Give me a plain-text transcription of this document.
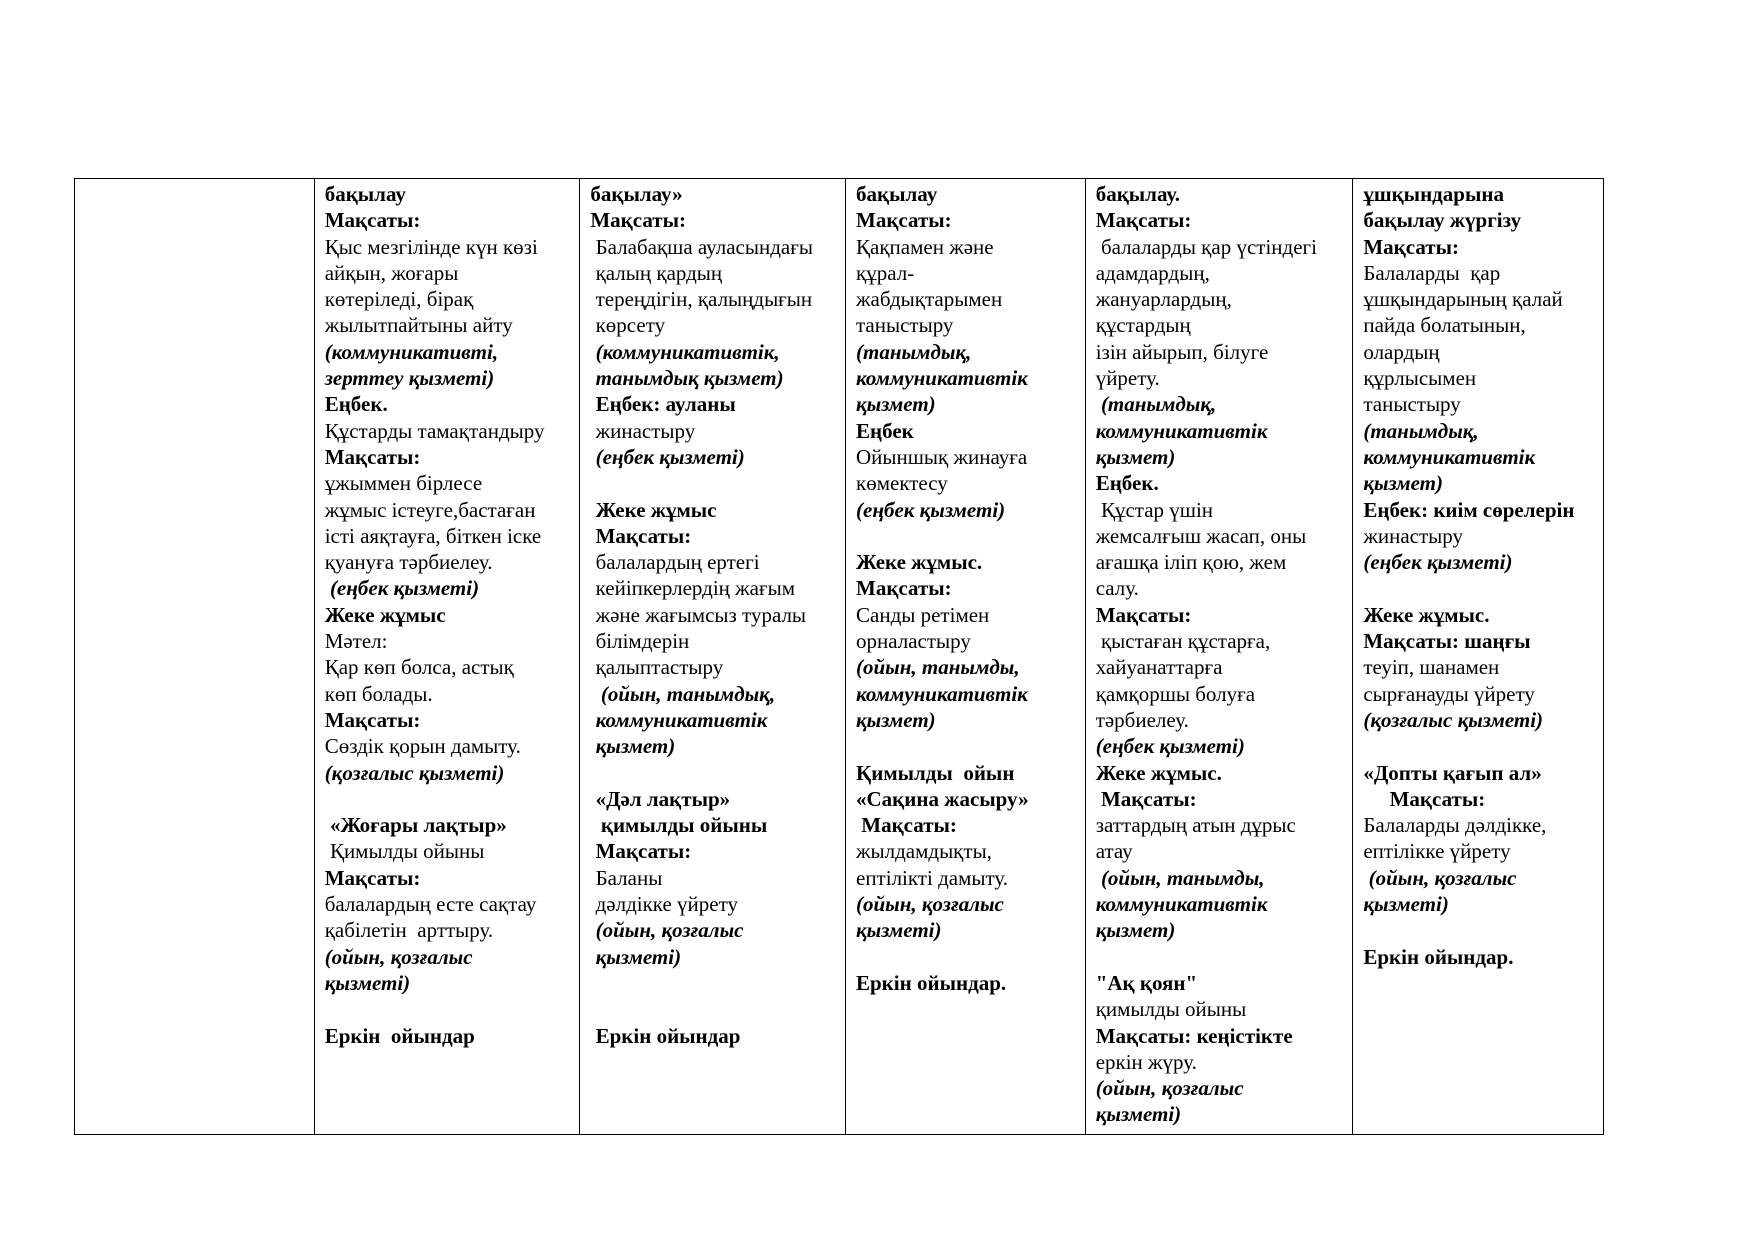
бақылау
Мақсаты:
Қыс мезгілінде күн көзі
айқын, жоғары
көтеріледі, бірақ
жылытпайтыны айту
(коммуникативті,
зерттеу қызметі)
Еңбек.
Құстарды тамақтандыру
Мақсаты:
ұжыммен бірлесе
жұмыс істеуге,бастаған
істі аяқтауға, біткен іске
қуануға тәрбиелеу.
(еңбек қызметі)
Жеке жұмыс
Мәтел:
Қар көп болса, астық
көп болады.
Мақсаты:
Сөздік қорын дамыту.
(қозғалыс қызметі)
«Жоғары лақтыр»
Қимылды ойыны
Мақсаты:
балалардың есте сақтау
қабілетін  арттыру.
(ойын, қозғалыс
қызметі)
Еркін  ойындар
бақылау»
Мақсаты:
Балабақша ауласындағы
қалың қардың
тереңдігін, қалыңдығын
көрсету
(коммуникативтік,
танымдық қызмет)
Еңбек: ауланы
жинастыру
(еңбек қызметі)
Жеке жұмыс
Мақсаты:
балалардың ертегі
кейіпкерлердің жағым
және жағымсыз туралы
білімдерін
қалыптастыру
(ойын, танымдық,
коммуникативтік
қызмет)
«Дәл лақтыр»
қимылды ойыны
Мақсаты:
Баланы
дәлдікке үйрету
(ойын, қозғалыс
қызметі)
Еркін ойындар
бақылау
Мақсаты:
Қақпамен және
құрал-
жабдықтарымен
таныстыру
(танымдық,
коммуникативтік
қызмет)
Еңбек
Ойыншық жинауға
көмектесу
(еңбек қызметі)
Жеке жұмыс.
Мақсаты:
Санды ретімен
орналастыру
(ойын, танымды,
коммуникативтік
қызмет)
Қимылды  ойын
«Сақина жасыру»
Мақсаты:
жылдамдықты,
ептілікті дамыту.
(ойын, қозғалыс
қызметі)
Еркін ойындар.
бақылау.
Мақсаты:
балаларды қар үстіндегі
адамдардың,
жануарлардың,
құстардың
ізін айырып, білуге
үйрету.
(танымдық,
коммуникативтік
қызмет)
Еңбек.
Құстар үшін
жемсалғыш жасап, оны
ағашқа іліп қою, жем
салу.
Мақсаты:
қыстаған құстарға,
хайуанаттарға
қамқоршы болуға
тәрбиелеу.
(еңбек қызметі)
Жеке жұмыс.
Мақсаты:
заттардың атын дұрыс
атау
(ойын, танымды,
коммуникативтік
қызмет)
"Ақ қоян"
қимылды ойыны
Мақсаты: кеңістікте
еркін жүру.
(ойын, қозғалыс
қызметі)
ұшқындарына
бақылау жүргізу
Мақсаты:
Балаларды  қар
ұшқындарының қалай
пайда болатынын,
олардың
құрлысымен
таныстыру
(танымдық,
коммуникативтік
қызмет)
Еңбек: киім сөрелерін
жинастыру
(еңбек қызметі)
Жеке жұмыс.
Мақсаты: шаңғы
теуіп, шанамен
сырғанауды үйрету
(қозғалыс қызметі)
«Допты қағып ал»
Мақсаты:
Балаларды дәлдікке,
ептілікке үйрету
(ойын, қозғалыс
қызметі)
Еркін ойындар.
